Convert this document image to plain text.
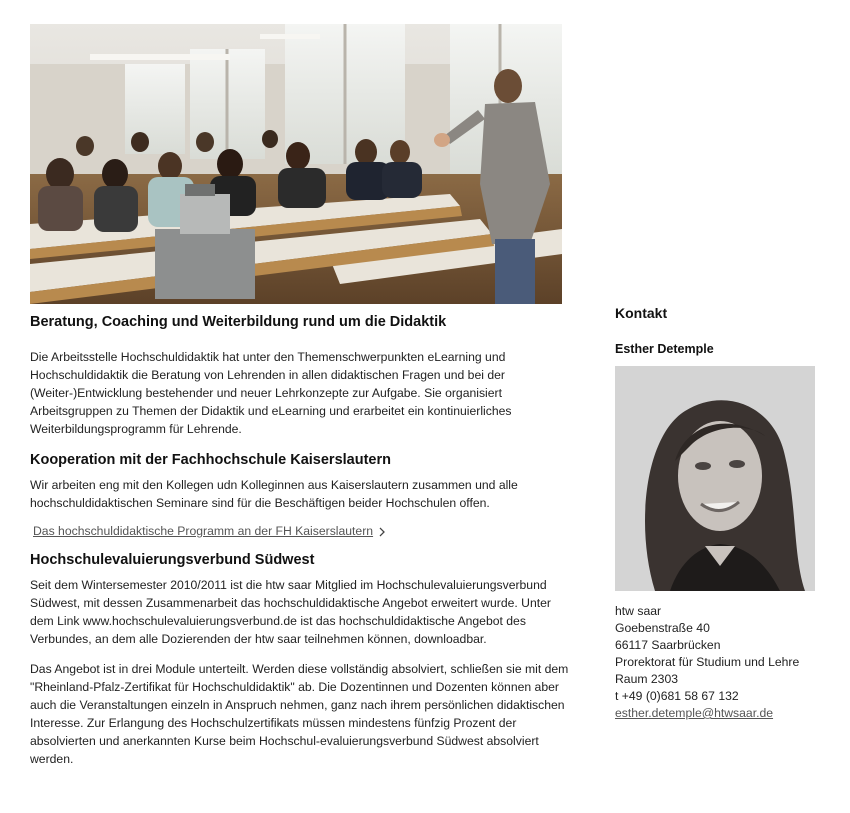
Beratung, Coaching und Weiterbildung rund um die Didaktik

Die Arbeitsstelle Hochschuldidaktik hat unter den Themenschwerpunkten eLearning und Hochschuldidaktik die Beratung von Lehrenden in allen didaktischen Fragen und bei der (Weiter-)Entwicklung bestehender und neuer Lehrkonzepte zur Aufgabe. Sie organisiert Arbeitsgruppen zu Themen der Didaktik und eLearning und erarbeitet ein kontinuierliches Weiterbildungsprogramm für Lehrende.

Kooperation mit der Fachhochschule Kaiserslautern

Wir arbeiten eng mit den Kollegen udn Kolleginnen aus Kaiserslautern zusammen und alle hochschuldidaktischen Seminare sind für die Beschäftigen beider Hochschulen offen.

Das hochschuldidaktische Programm an der FH Kaiserslautern
Hochschulevaluierungsverbund Südwest

Seit dem Wintersemester 2010/2011 ist die htw saar Mitglied im Hochschulevaluierungsverbund Südwest, mit dessen Zusammenarbeit das hochschuldidaktische Angebot erweitert wurde. Unter dem Link www.hochschulevaluierungsverbund.de ist das hochschuldidaktische Angebot des Verbundes, an dem alle Dozierenden der htw saar teilnehmen können, downloadbar.

Das Angebot ist in drei Module unterteilt. Werden diese vollständig absolviert, schließen sie mit dem "Rheinland-Pfalz-Zertifikat für Hochschuldidaktik" ab. Die Dozentinnen und Dozenten können aber auch die Veranstaltungen einzeln in Anspruch nehmen, ganz nach ihrem persönlichen didaktischen Interesse. Zur Erlangung des Hochschulzertifikats müssen mindestens fünfzig Prozent der absolvierten und anerkannten Kurse beim Hochschul-evaluierungsverbund Südwest absolviert werden.

Kontakt
Esther Detemple
htw saar
Goebenstraße 40
66117 Saarbrücken
Prorektorat für Studium und Lehre
Raum 2303
t +49 (0)681 58 67 132
esther.detemple@htwsaar.de
